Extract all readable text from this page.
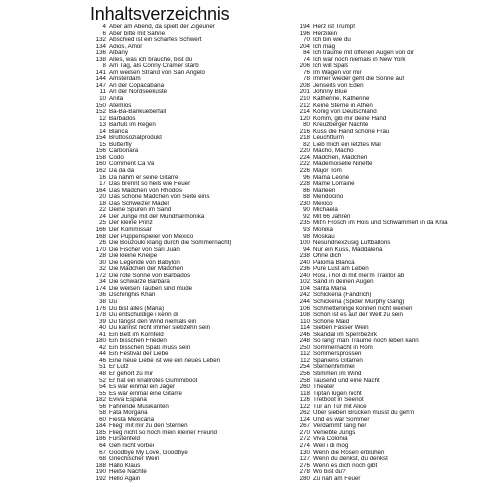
Inhaltsverzeichnis
4 Aber am Abend, da spielt der Zigeuner
6 Aber bitte mit Sahne
132 Abschied ist ein scharfes Schwert
134 Adios, Amor
136 Albany
138 Alles, was ich brauche, bist du
8 Am Tag, als Conny Cramer starb
141 Am weißen Strand von San Angelo
144 Amsterdam
147 An der Copacabana
11 An der Nordseeküste
10 Anita
150 Atemlos
152 Ba-Ba-Bankueberfall
12 Barbados
13 Barfuß im Regen
14 Blanca
154 Bruttosozialprodukt
15 Butterfly
156 Carbonara
158 Codo
160 Comment Ca Va
162 Da da da
16 Da nahm er seine Gitarre
17 Das brennt so heiß wie Feuer
164 Das Mädchen von Rhodos
20 Das schöne Mädchen von Seite eins
18 Das Schweizer Madel
22 Deine Spuren im Sand
24 Der Junge mit der Mundharmonika
25 Der kleine Prinz
166 Der Kommissar
168 Der Puppenspieler von Mexico
26 Die Bouzouki klang durch die Sommernacht)
170 Die Fischer von San Juan
28 Die kleine Kneipe
30 Die Legende von Babylon
32 Die Mädchen der Mädchen
172 Die rote Sonne von Barbados
34 Die schwarze Barbara
174 Die weißen Tauben sind müde
36 Dschinghis Khan
38 Du
176 Du bist alles (Maria)
178 Du entschuldige i kenn di
39 Du fängst den Wind niemals ein
40 Du kannst nicht immer siebzehn sein
41 Ein Bett im Kornfeld
180 Ein bisschen Frieden
42 Ein bisschen Spaß muss sein
44 Ein Festival der Liebe
46 Eine neue Liebe ist wie ein neues Leben
51 Er Lutz
48 Er gehört zu mir
52 Er hat ein knallrotes Gummiboot
54 Es war einmal ein Jäger
55 Es war einmal eine Gitarre
182 Eviva España
56 Fahrende Musikanten
58 Fata Morgana
60 Fiesta Mexicana
184 Flieg' mit mir zu den Sternen
185 Flieg nicht so hoch mein kleiner Freund
186 Fürstenfeld
64 Geh nicht vorbei
67 Goodbye My Love, Goodbye
68 Griechischer Wein
188 Hallo Klaus
190 Heiße Nächte
192 Hello Again
194 Herz ist Trumpf
196 Herzilein
70 Ich bin wie du
204 Ich mag
84 Ich träume mit offenen Augen von dir
74 Ich war noch niemals in New York
206 Ich will Spaß
76 Im Wagen vor mir
78 Immer wieder geht die Sonne auf
208 Jenseits von Eden
201 Johnny Blue
210 Katherine, Katherine
212 Keine Sterne in Athen
214 König von Deutschland
120 Komm, gib mir deine Hand
80 Kreuzberger Nächte
216 Küss die Hand schöne Frau
218 Leuchtturm
82 Lieb mich ein letztes Mal
220 Macho, Macho
224 Mädchen, Mädchen
222 Mademoiselle Ninette
226 Major Tom
96 Mama Leone
228 Mame Lorraine
86 Marleen
88 Mendocino
230 Mexico
90 Michaela
92 Mit 66 Jahren
235 Mit'n Frosch im Hois und Schwammerl in da Knia
93 Monika
98 Moskau
100 Nesundnexzusig Luftballons
94 Nur ein Kuss, Maddalena
238 Ohne dich
240 Paloma Blanca
236 Pure Lust am Leben
240 Rosi, i hol di mit mei'm Traktor ab
102 Sand in deinen Augen
104 Santa Maria
242 Schickeria (Fandrich)
244 Schickeria (Spider Murphy Gang)
106 Schmetterlinge können nicht weinen
108 Schön ist es auf der Welt zu sein
110 Schöne Maid
114 Sieben Fässer Wein
246 Skandal im Sperrbezirk
248 So lang' man Träume noch leben kann
250 Sommernacht in Rom
112 Sommersprossen
112 Spaniens Gitarren
254 Sternenhimmel
256 Stimmen im Wind
258 Tausend und eine Nacht
260 Theater
118 Tiptan lügen nicht
126 Tretboot in Seenot
122 Tür an Tür mit Alice
262 Über sieben Brücken musst du geh'n
124 Und es war Sommer
267 Verdammt' lang her
270 Verliebte Jungs
272 Viva Colonia
274 Weil i di mog
130 Wenn die Rosen erblühen
127 Wenn du denkst, du denkst
276 Wenn es dich noch gibt
278 Wo bist du?
280 Zu nah am Feuer
